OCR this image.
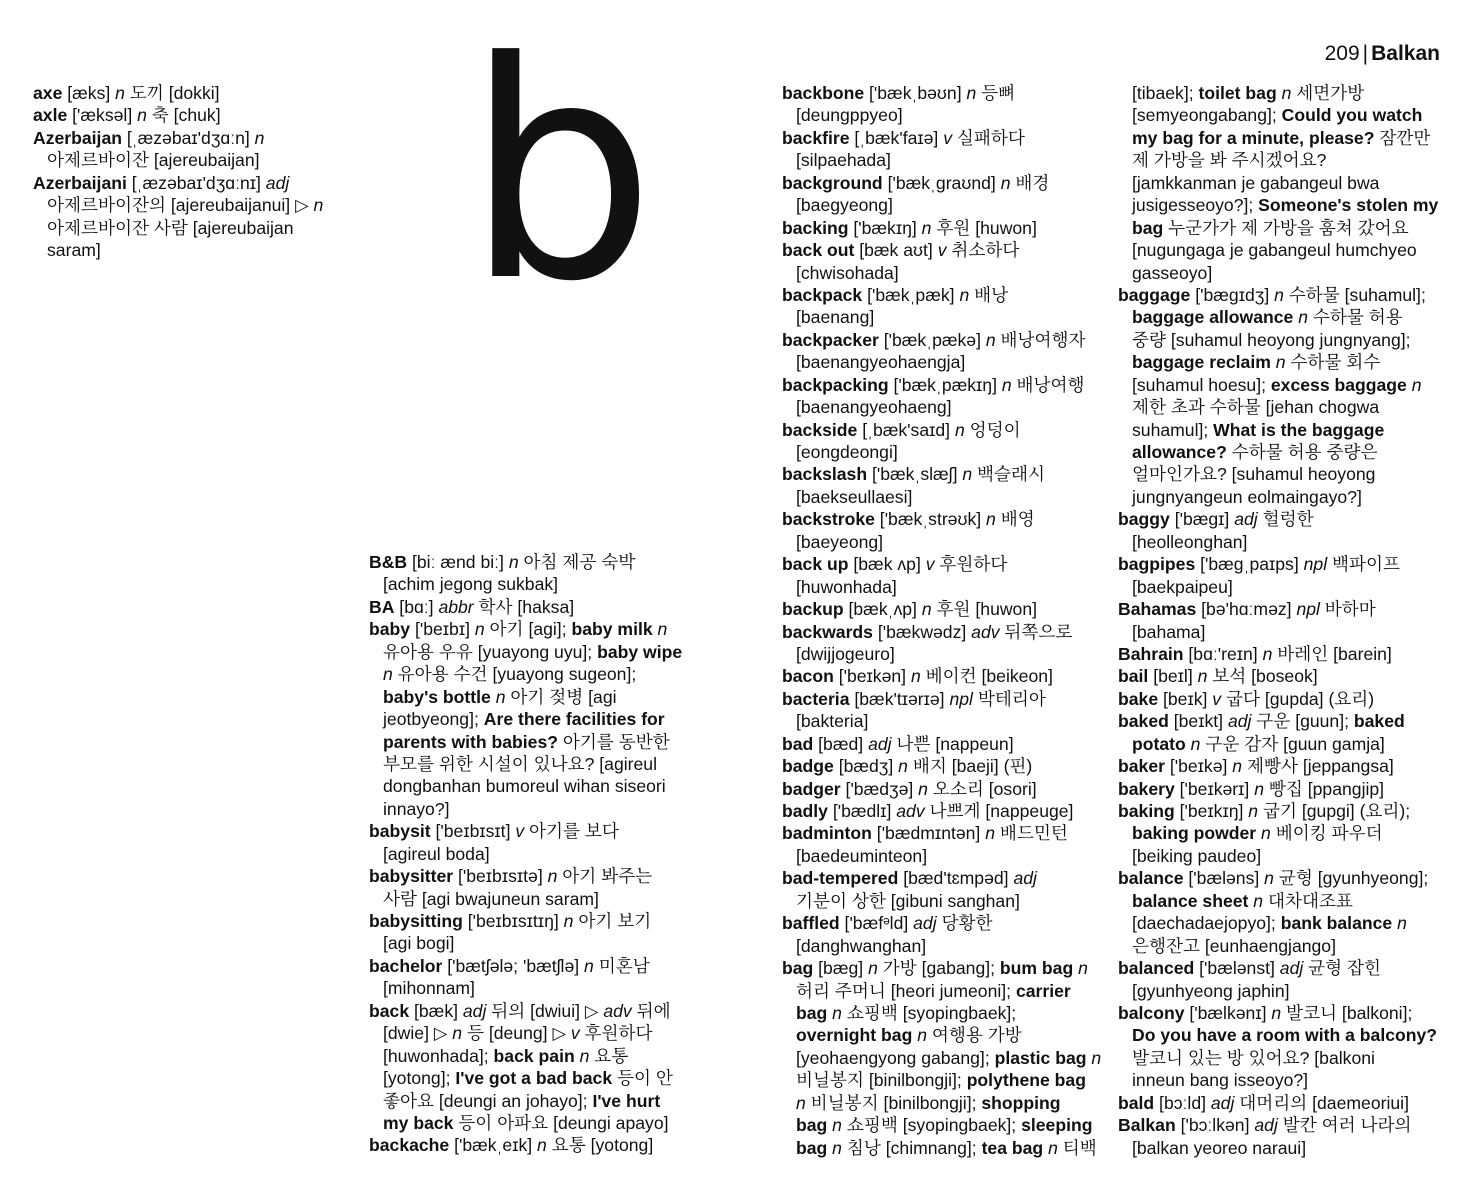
209 | Balkan
b
axe [æks] n 도끼 [dokki]
axle ['æksəl] n 축 [chuk]
Azerbaijan [ˌæzəbaɪ'dʒɑːn] n
아제르바이잔 [ajereubaijan]
Azerbaijani [ˌæzəbaɪ'dʒɑːnɪ] adj
아제르바이잔의 [ajereubaijanui] ▷ n
아제르바이잔 사람 [ajereubaijan
saram]
B&B [biː ænd biː] n 아침 제공 숙박
[achim jegong sukbak]
BA [bɑː] abbr 학사 [haksa]
baby ['beɪbɪ] n 아기 [agi]; baby milk n
유아용 우유 [yuayong uyu]; baby wipe
n 유아용 수건 [yuayong sugeon];
baby's bottle n 아기 젖병 [agi
jeotbyeong]; Are there facilities for
parents with babies? 아기를 동반한
부모를 위한 시설이 있나요? [agireul
dongbanhan bumoreul wihan siseori
innayo?]
babysit ['beɪbɪsɪt] v 아기를 보다
[agireul boda]
babysitter ['beɪbɪsɪtə] n 아기 봐주는
사람 [agi bwajuneun saram]
babysitting ['beɪbɪsɪtɪŋ] n 아기 보기
[agi bogi]
bachelor ['bætʃələ; 'bætʃlə] n 미혼남
[mihonnam]
back [bæk] adj 뒤의 [dwiui] ▷ adv 뒤에
[dwie] ▷ n 등 [deung] ▷ v 후원하다
[huwonhada]; back pain n 요통
[yotong]; I've got a bad back 등이 안
좋아요 [deungi an johayo]; I've hurt
my back 등이 아파요 [deungi apayo]
backache ['bækˌeɪk] n 요통 [yotong]
backbone ['bækˌbəʊn] n 등뼈
[deungppyeo]
backfire [ˌbæk'faɪə] v 실패하다
[silpaehada]
background ['bækˌgraʊnd] n 배경
[baegyeong]
backing ['bækɪŋ] n 후원 [huwon]
back out [bæk aʊt] v 취소하다
[chwisohada]
backpack ['bækˌpæk] n 배낭
[baenang]
backpacker ['bækˌpækə] n 배낭여행자
[baenangyeohaengja]
backpacking ['bækˌpækɪŋ] n 배낭여행
[baenangyeohaeng]
backside [ˌbæk'saɪd] n 엉덩이
[eongdeongi]
backslash ['bækˌslæʃ] n 백슬래시
[baekseullaesi]
backstroke ['bækˌstrəʊk] n 배영
[baeyeong]
back up [bæk ʌp] v 후원하다
[huwonhada]
backup [bækˌʌp] n 후원 [huwon]
backwards ['bækwədz] adv 뒤쪽으로
[dwijjogeuro]
bacon ['beɪkən] n 베이컨 [beikeon]
bacteria [bæk'tɪərɪə] npl 박테리아
[bakteria]
bad [bæd] adj 나쁜 [nappeun]
badge [bædʒ] n 배지 [baeji] (핀)
badger ['bædʒə] n 오소리 [osori]
badly ['bædlɪ] adv 나쁘게 [nappeuge]
badminton ['bædmɪntən] n 배드민턴
[baedeuminteon]
bad-tempered [bæd'tɛmpəd] adj
기분이 상한 [gibuni sanghan]
baffled ['bæfᵊld] adj 당황한
[danghwanghan]
bag [bæg] n 가방 [gabang]; bum bag n
허리 주머니 [heori jumeoni]; carrier
bag n 쇼핑백 [syopingbaek];
overnight bag n 여행용 가방
[yeohaengyong gabang]; plastic bag n
비닐봉지 [binilbongji]; polythene bag
n 비닐봉지 [binilbongji]; shopping
bag n 쇼핑백 [syopingbaek]; sleeping
bag n 침낭 [chimnang]; tea bag n 티백
[tibaek]; toilet bag n 세면가방
[semyeongabang]; Could you watch
my bag for a minute, please? 잠깐만
제 가방을 봐 주시겠어요?
[jamkkanman je gabangeul bwa
jusigesseoyo?]; Someone's stolen my
bag 누군가가 제 가방을 훔쳐 갔어요
[nugungaga je gabangeul humchyeo
gasseoyo]
baggage ['bægɪdʒ] n 수하물 [suhamul];
baggage allowance n 수하물 허용
중량 [suhamul heoyong jungnyang];
baggage reclaim n 수하물 회수
[suhamul hoesu]; excess baggage n
제한 초과 수하물 [jehan chogwa
suhamul]; What is the baggage
allowance? 수하물 허용 중량은
얼마인가요? [suhamul heoyong
jungnyangeun eolmaingayo?]
baggy ['bægɪ] adj 헐렁한
[heolleonghan]
bagpipes ['bægˌpaɪps] npl 백파이프
[baekpaipeu]
Bahamas [bə'hɑːməz] npl 바하마
[bahama]
Bahrain [bɑː'reɪn] n 바레인 [barein]
bail [beɪl] n 보석 [boseok]
bake [beɪk] v 굽다 [gupda] (요리)
baked [beɪkt] adj 구운 [guun]; baked
potato n 구운 감자 [guun gamja]
baker ['beɪkə] n 제빵사 [jeppangsa]
bakery ['beɪkərɪ] n 빵집 [ppangjip]
baking ['beɪkɪŋ] n 굽기 [gupgi] (요리);
baking powder n 베이킹 파우더
[beiking paudeo]
balance ['bæləns] n 균형 [gyunhyeong];
balance sheet n 대차대조표
[daechadaejopyo]; bank balance n
은행잔고 [eunhaengjango]
balanced ['bælənst] adj 균형 잡힌
[gyunhyeong japhin]
balcony ['bælkənɪ] n 발코니 [balkoni];
Do you have a room with a balcony?
발코니 있는 방 있어요? [balkoni
inneun bang isseoyo?]
bald [bɔːld] adj 대머리의 [daemeoriui]
Balkan ['bɔːlkən] adj 발칸 여러 나라의
[balkan yeoreo naraui]
